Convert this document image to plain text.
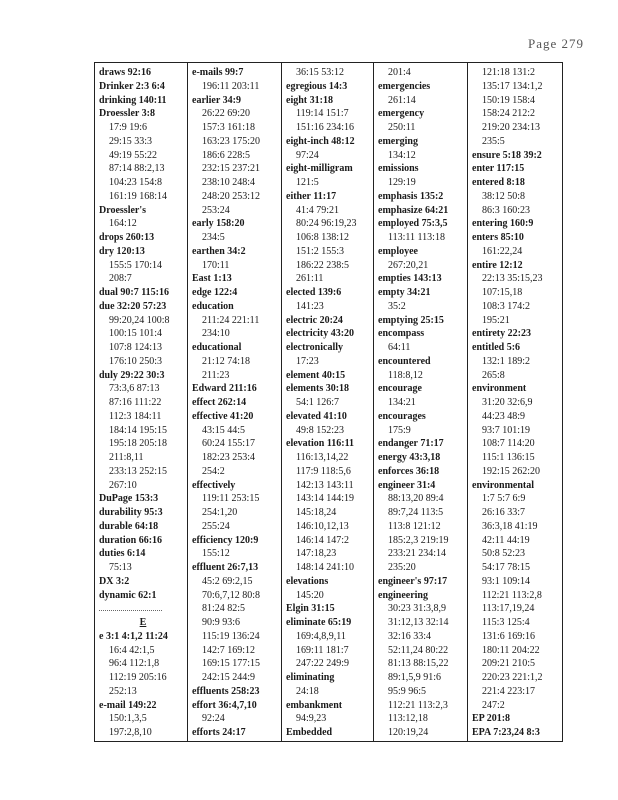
Page 279
draws 92:16
Drinker 2:3 6:4
drinking 140:11
Droessler 3:8
17:9 19:6
29:15 33:3
49:19 55:22
87:14 88:2,13
104:23 154:8
161:19 168:14
Droessler's
164:12
drops 260:13
dry 120:13
155:5 170:14
208:7
dual 90:7 115:16
due 32:20 57:23
99:20,24 100:8
100:15 101:4
107:8 124:13
176:10 250:3
duly 29:22 30:3
73:3,6 87:13
87:16 111:22
112:3 184:11
184:14 195:15
195:18 205:18
211:8,11
233:13 252:15
267:10
DuPage 153:3
durability 95:3
durable 64:18
duration 66:16
duties 6:14
75:13
DX 3:2
dynamic 62:1
E
e 3:1 4:1,2 11:24
16:4 42:1,5
96:4 112:1,8
112:19 205:16
252:13
e-mail 149:22
150:1,3,5
197:2,8,10
e-mails 99:7
196:11 203:11
earlier 34:9
26:22 69:20
157:3 161:18
163:23 175:20
186:6 228:5
232:15 237:21
238:10 248:4
248:20 253:12
253:24
early 158:20
234:5
earthen 34:2
170:11
East 1:13
edge 122:4
education
211:24 221:11
234:10
educational
21:12 74:18
211:23
Edward 211:16
effect 262:14
effective 41:20
43:15 44:5
60:24 155:17
182:23 253:4
254:2
effectively
119:11 253:15
254:1,20
255:24
efficiency 120:9
155:12
effluent 26:7,13
45:2 69:2,15
70:6,7,12 80:8
81:24 82:5
90:9 93:6
115:19 136:24
142:7 169:12
169:15 177:15
242:15 244:9
effluents 258:23
effort 36:4,7,10
92:24
efforts 24:17
36:15 53:12
egregious 14:3
eight 31:18
119:14 151:7
151:16 234:16
eight-inch 48:12
97:24
eight-milligram
121:5
either 11:17
41:4 79:21
80:24 96:19,23
106:8 138:12
151:2 155:3
186:22 238:5
261:11
elected 139:6
141:23
electric 20:24
electricity 43:20
electronically
17:23
element 40:15
elements 30:18
54:1 126:7
elevated 41:10
49:8 152:23
elevation 116:11
116:13,14,22
117:9 118:5,6
142:13 143:11
143:14 144:19
145:18,24
146:10,12,13
146:14 147:2
147:18,23
148:14 241:10
elevations
145:20
Elgin 31:15
eliminate 65:19
169:4,8,9,11
169:11 181:7
247:22 249:9
eliminating
24:18
embankment
94:9,23
Embedded
201:4
emergencies
261:14
emergency
250:11
emerging
134:12
emissions
129:19
emphasis 135:2
emphasize 64:21
employed 75:3,5
113:11 113:18
employee
267:20,21
empties 143:13
empty 34:21
35:2
emptying 25:15
encompass
64:11
encountered
118:8,12
encourage
134:21
encourages
175:9
endanger 71:17
energy 43:3,18
enforces 36:18
engineer 31:4
88:13,20 89:4
89:7,24 113:5
113:8 121:12
185:2,3 219:19
233:21 234:14
235:20
engineer's 97:17
engineering
30:23 31:3,8,9
31:12,13 32:14
32:16 33:4
52:11,24 80:22
81:13 88:15,22
89:1,5,9 91:6
95:9 96:5
112:21 113:2,3
113:12,18
120:19,24
121:18 131:2
135:17 134:1,2
150:19 158:4
158:24 212:2
219:20 234:13
235:5
ensure 5:18 39:2
enter 117:15
entered 8:18
38:12 50:8
86:3 160:23
entering 160:9
enters 85:10
161:22,24
entire 12:12
22:13 35:15,23
107:15,18
108:3 174:2
195:21
entirety 22:23
entitled 5:6
132:1 189:2
265:8
environment
31:20 32:6,9
44:23 48:9
93:7 101:19
108:7 114:20
115:1 136:15
192:15 262:20
environmental
1:7 5:7 6:9
26:16 33:7
36:3,18 41:19
42:11 44:19
50:8 52:23
54:17 78:15
93:1 109:14
112:21 113:2,8
113:17,19,24
115:3 125:4
131:6 169:16
180:11 204:22
209:21 210:5
220:23 221:1,2
221:4 223:17
247:2
EP 201:8
EPA 7:23,24 8:3
